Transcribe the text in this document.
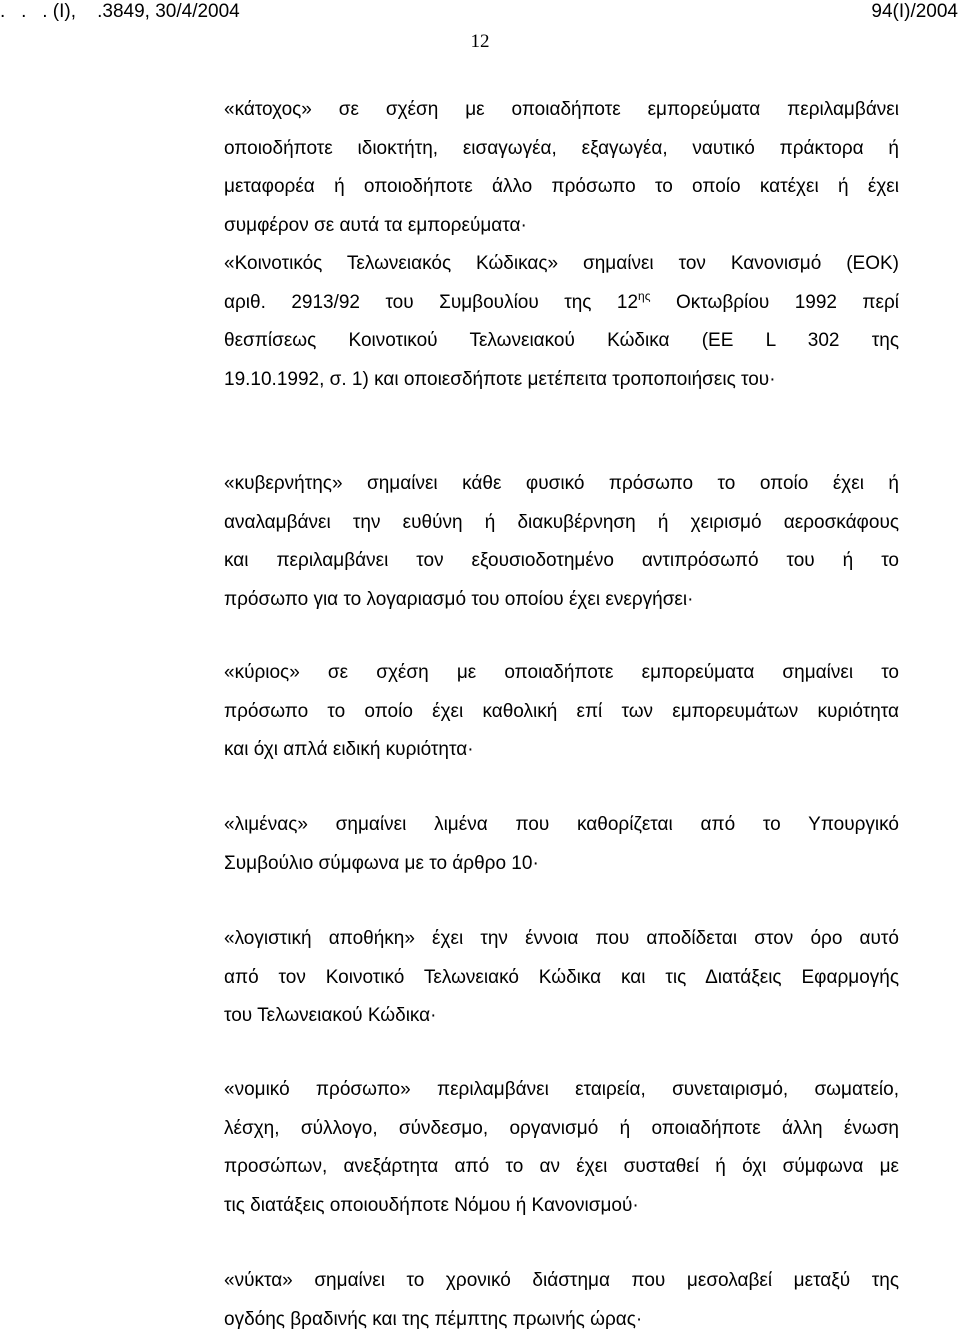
.   .   . (Ι),    .3849, 30/4/2004	94(Ι)/2004
12
«κάτοχος» σε σχέση με οποιαδήποτε εμπορεύματα περιλαμβάνει
οποιοδήποτε ιδιοκτήτη, εισαγωγέα, εξαγωγέα, ναυτικό πράκτορα ή
μεταφορέα ή οποιοδήποτε άλλο πρόσωπο το οποίο κατέχει ή έχει
συμφέρον σε αυτά τα εμπορεύματα·
«Κοινοτικός Τελωνειακός Κώδικας» σημαίνει τον Κανονισμό (ΕΟΚ)
αριθ. 2913/92 του Συμβουλίου της $12^{\eta\varsigma}$ Οκτωβρίου 1992 περί
θεσπίσεως Κοινοτικού Τελωνειακού Κώδικα (ΕΕ L 302 της
19.10.1992, σ. 1) και οποιεσδήποτε μετέπειτα τροποποιήσεις του·
«κυβερνήτης» σημαίνει κάθε φυσικό πρόσωπο το οποίο έχει ή
αναλαμβάνει την ευθύνη ή διακυβέρνηση ή χειρισμό αεροσκάφους
και περιλαμβάνει τον εξουσιοδοτημένο αντιπρόσωπό του ή το
πρόσωπο για το λογαριασμό του οποίου έχει ενεργήσει·
«κύριος» σε σχέση με οποιαδήποτε εμπορεύματα σημαίνει το
πρόσωπο το οποίο έχει καθολική επί των εμπορευμάτων κυριότητα
και όχι απλά ειδική κυριότητα·
«λιμένας» σημαίνει λιμένα που καθορίζεται από το Υπουργικό
Συμβούλιο σύμφωνα με το άρθρο 10·
«λογιστική αποθήκη» έχει την έννοια που αποδίδεται στον όρο αυτό
από τον Κοινοτικό Τελωνειακό Κώδικα και τις Διατάξεις Εφαρμογής
του Τελωνειακού Κώδικα·
«νομικό πρόσωπο» περιλαμβάνει εταιρεία, συνεταιρισμό, σωματείο,
λέσχη, σύλλογο, σύνδεσμο, οργανισμό ή οποιαδήποτε άλλη ένωση
προσώπων, ανεξάρτητα από το αν έχει συσταθεί ή όχι σύμφωνα με
τις διατάξεις οποιουδήποτε Νόμου ή Κανονισμού·
«νύκτα» σημαίνει το χρονικό διάστημα που μεσολαβεί μεταξύ της
ογδόης βραδινής και της πέμπτης πρωινής ώρας·
